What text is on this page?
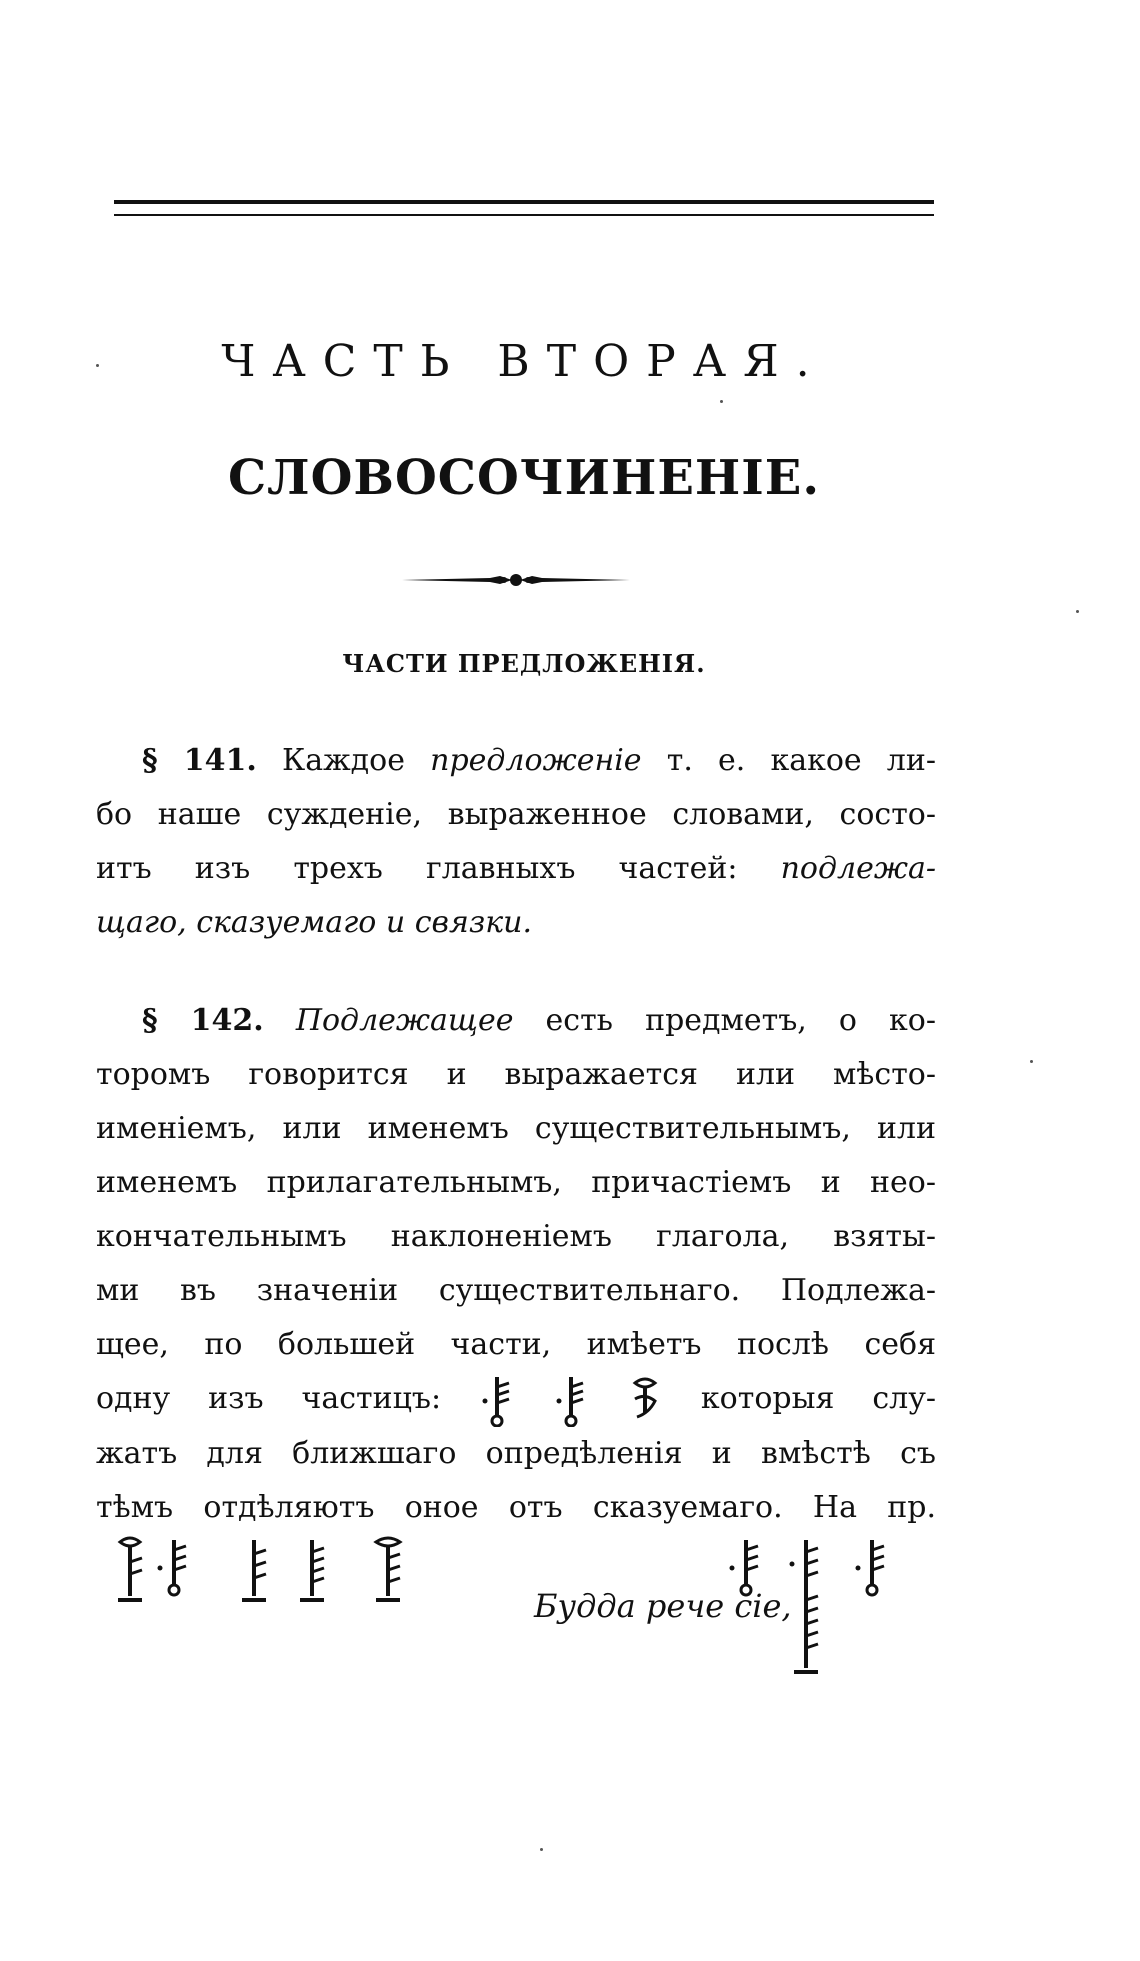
ЧАСТЬ ВТОРАЯ.
СЛОВОСОЧИНЕНІЕ.
ЧАСТИ ПРЕДЛОЖЕНІЯ.
§ 141. Каждое предложеніе т. е. какое ли-
бо наше сужденіе, выраженное словами, состо-
итъ изъ трехъ главныхъ частей: подлежа-
щаго, сказуемаго и связки.
§ 142. Подлежащее есть предметъ, о ко-
торомъ говорится и выражается или мѣсто-
именіемъ, или именемъ существительнымъ, или
именемъ прилагательнымъ, причастіемъ и нео-
кончательнымъ наклоненіемъ глагола, взяты-
ми въ значеніи существительнаго. Подлежа-
щее, по большей части, имѣетъ послѣ себя
одну изъ частицъ:	которыя слу-
жатъ для ближшаго опредѣленія и вмѣстѣ съ
тѣмъ отдѣляютъ оное отъ сказуемаго. На пр.
Будда рече сіе,
